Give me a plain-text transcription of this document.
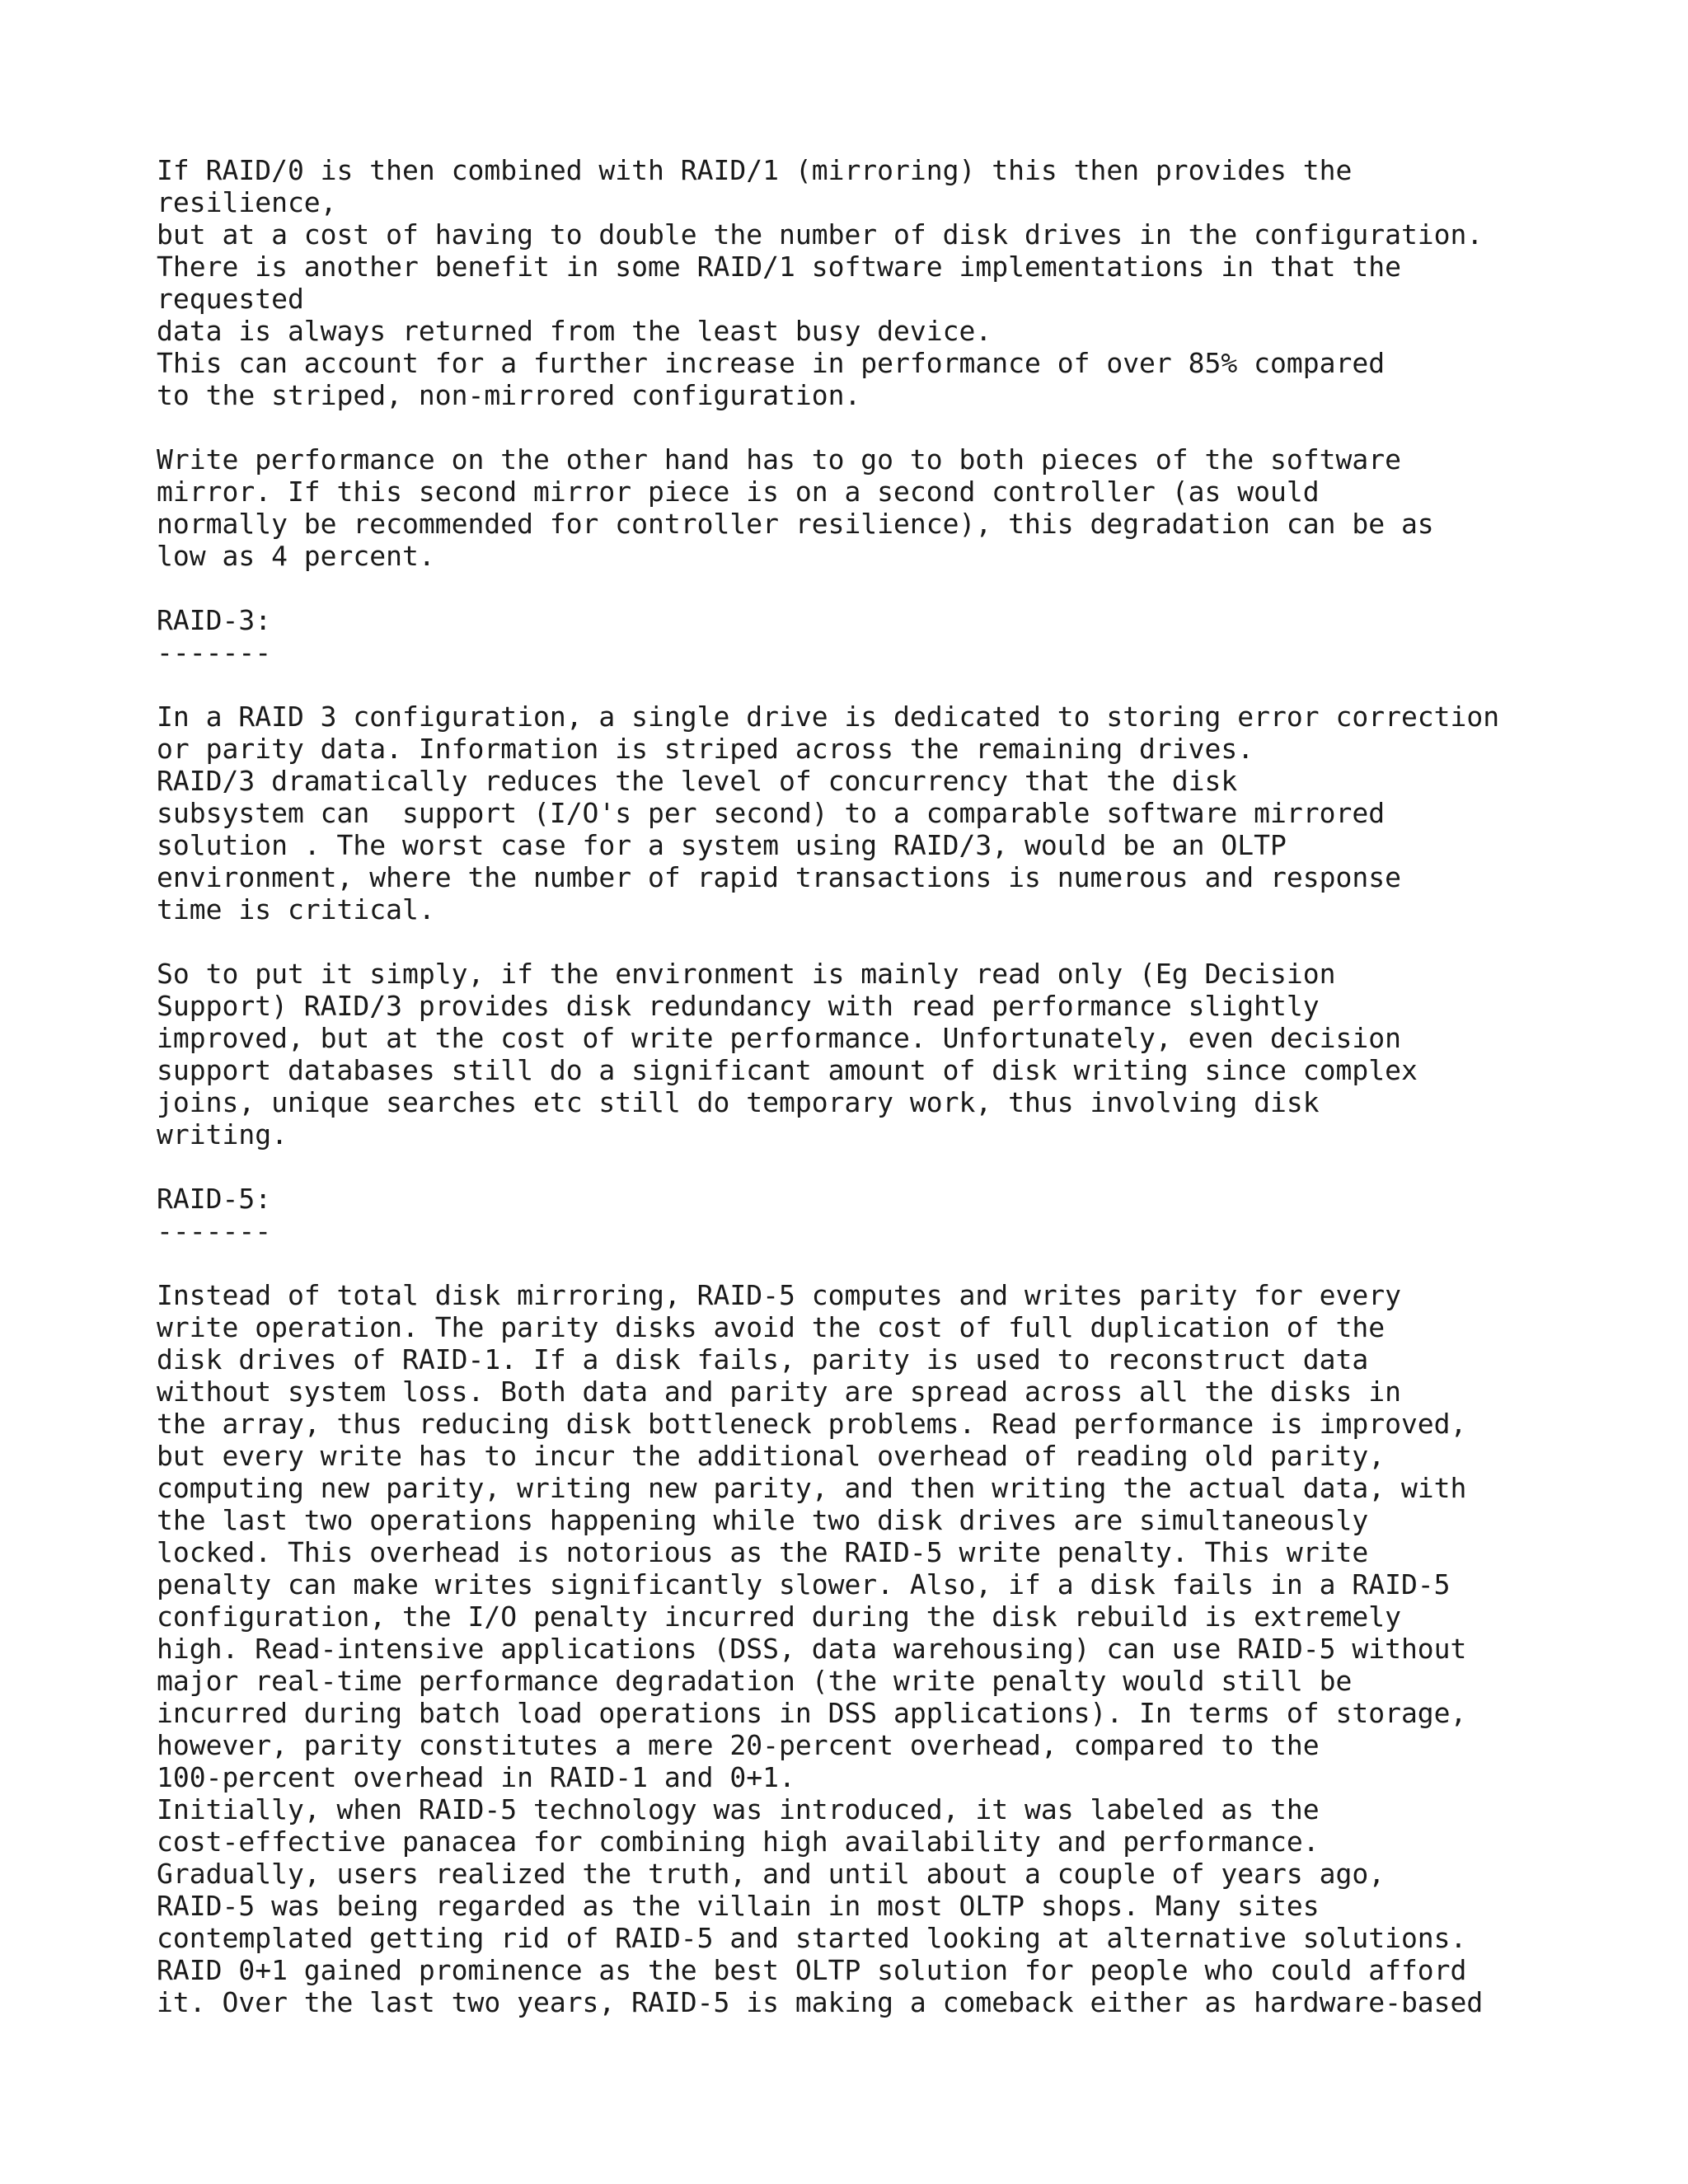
If RAID/0 is then combined with RAID/1 (mirroring) this then provides the
resilience,
but at a cost of having to double the number of disk drives in the configuration.
There is another benefit in some RAID/1 software implementations in that the
requested
data is always returned from the least busy device.
This can account for a further increase in performance of over 85% compared
to the striped, non-mirrored configuration.
Write performance on the other hand has to go to both pieces of the software
mirror. If this second mirror piece is on a second controller (as would
normally be recommended for controller resilience), this degradation can be as
low as 4 percent.
RAID-3:
-------
In a RAID 3 configuration, a single drive is dedicated to storing error correction
or parity data. Information is striped across the remaining drives.
RAID/3 dramatically reduces the level of concurrency that the disk
subsystem can  support (I/O's per second) to a comparable software mirrored
solution . The worst case for a system using RAID/3, would be an OLTP
environment, where the number of rapid transactions is numerous and response
time is critical.
So to put it simply, if the environment is mainly read only (Eg Decision
Support) RAID/3 provides disk redundancy with read performance slightly
improved, but at the cost of write performance. Unfortunately, even decision
support databases still do a significant amount of disk writing since complex
joins, unique searches etc still do temporary work, thus involving disk
writing.
RAID-5:
-------
Instead of total disk mirroring, RAID-5 computes and writes parity for every
write operation. The parity disks avoid the cost of full duplication of the
disk drives of RAID-1. If a disk fails, parity is used to reconstruct data
without system loss. Both data and parity are spread across all the disks in
the array, thus reducing disk bottleneck problems. Read performance is improved,
but every write has to incur the additional overhead of reading old parity,
computing new parity, writing new parity, and then writing the actual data, with
the last two operations happening while two disk drives are simultaneously
locked. This overhead is notorious as the RAID-5 write penalty. This write
penalty can make writes significantly slower. Also, if a disk fails in a RAID-5
configuration, the I/O penalty incurred during the disk rebuild is extremely
high. Read-intensive applications (DSS, data warehousing) can use RAID-5 without
major real-time performance degradation (the write penalty would still be
incurred during batch load operations in DSS applications). In terms of storage,
however, parity constitutes a mere 20-percent overhead, compared to the
100-percent overhead in RAID-1 and 0+1.
Initially, when RAID-5 technology was introduced, it was labeled as the
cost-effective panacea for combining high availability and performance.
Gradually, users realized the truth, and until about a couple of years ago,
RAID-5 was being regarded as the villain in most OLTP shops. Many sites
contemplated getting rid of RAID-5 and started looking at alternative solutions.
RAID 0+1 gained prominence as the best OLTP solution for people who could afford
it. Over the last two years, RAID-5 is making a comeback either as hardware-based
